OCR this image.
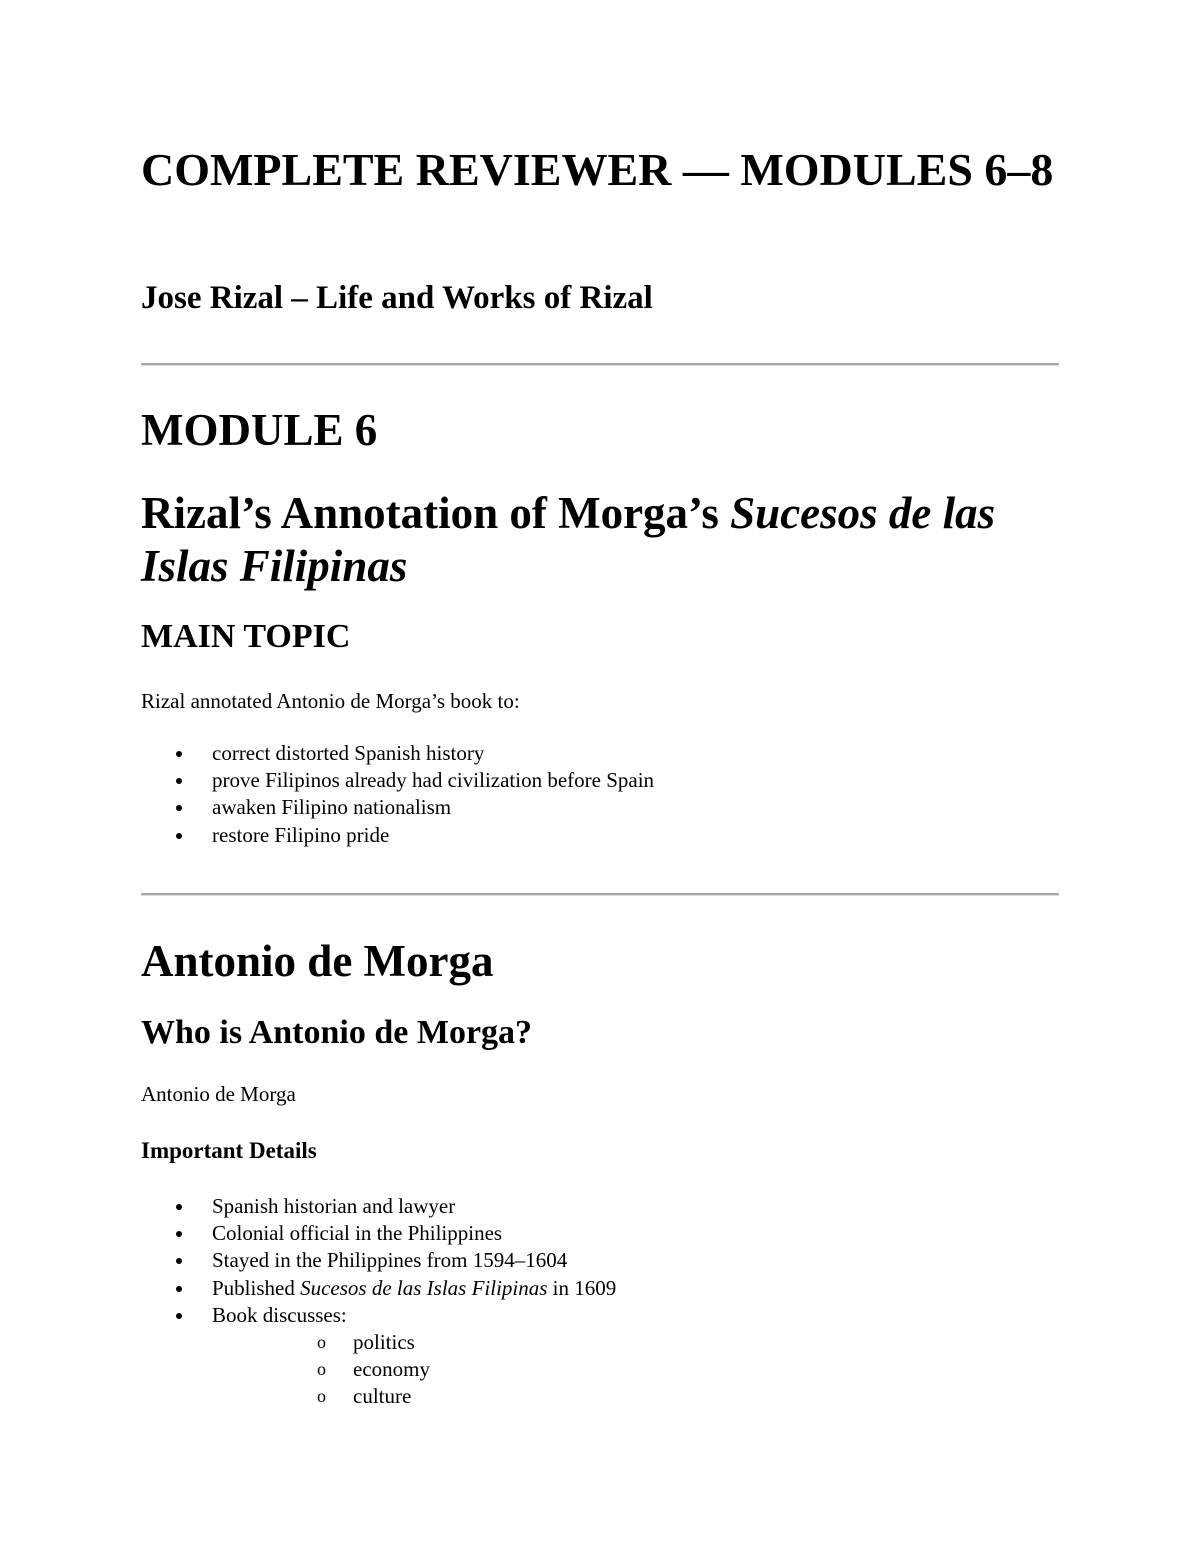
COMPLETE REVIEWER — MODULES 6–8
Jose Rizal – Life and Works of Rizal
MODULE 6
Rizal’s Annotation of Morga’s Sucesos de las Islas Filipinas
MAIN TOPIC

Rizal annotated Antonio de Morga’s book to:

correct distorted Spanish history
prove Filipinos already had civilization before Spain
awaken Filipino nationalism
restore Filipino pride
Antonio de Morga
Who is Antonio de Morga?

Antonio de Morga

Important Details
Spanish historian and lawyer
Colonial official in the Philippines
Stayed in the Philippines from 1594–1604
Published Sucesos de las Islas Filipinas in 1609
Book discusses:
o politics
o economy
o culture
